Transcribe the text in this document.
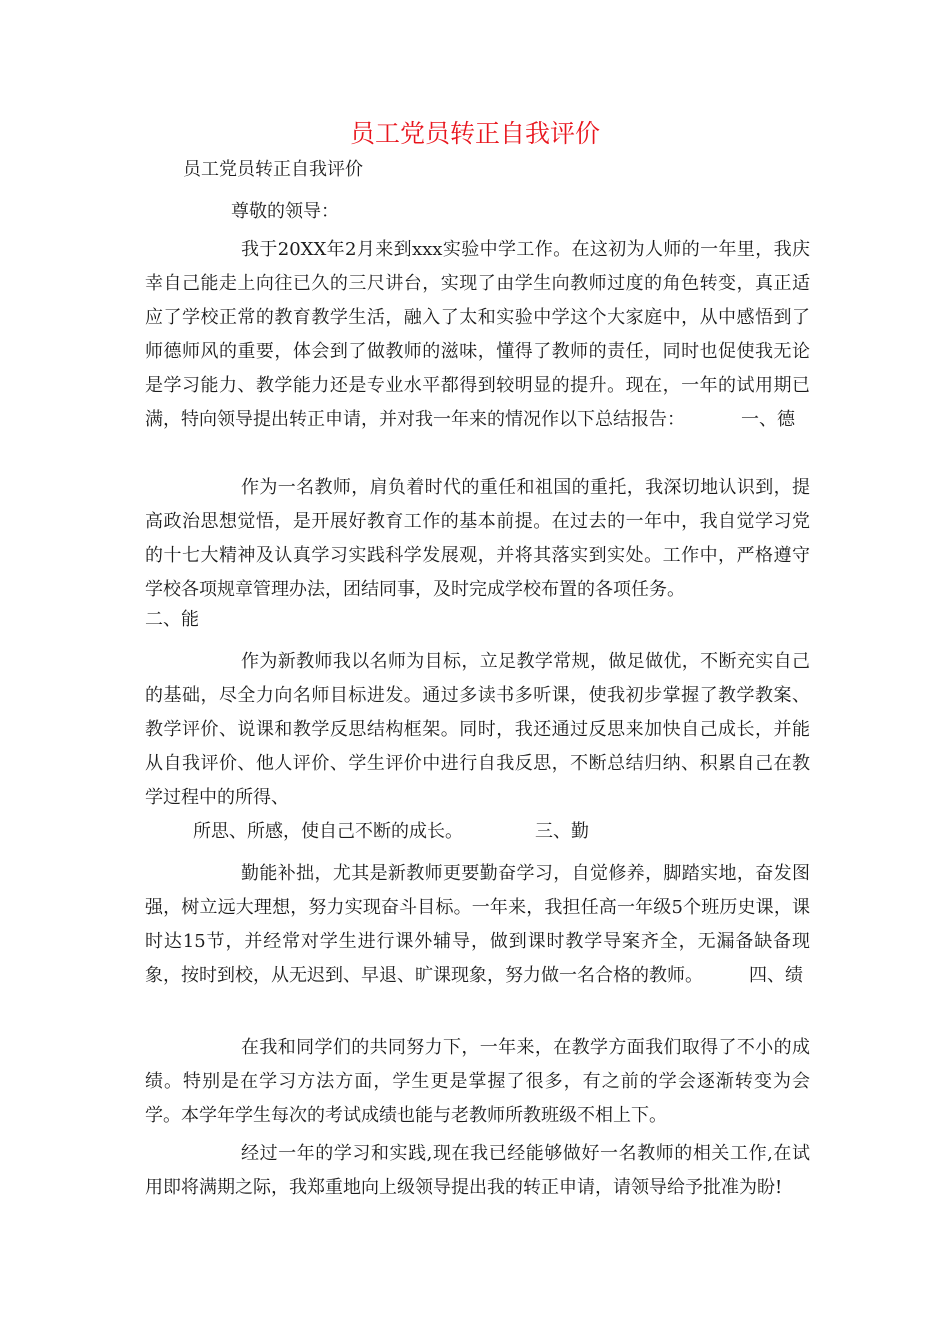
员工党员转正自我评价
员工党员转正自我评价
尊敬的领导：

我于20XX年2月来到xxx实验中学工作。在这初为人师的一年里，我庆幸自己能走上向往已久的三尺讲台，实现了由学生向教师过度的角色转变，真正适应了学校正常的教育教学生活，融入了太和实验中学这个大家庭中，从中感悟到了师德师风的重要，体会到了做教师的滋味，懂得了教师的责任，同时也促使我无论是学习能力、教学能力还是专业水平都得到较明显的提升。现在，一年的试用期已满，特向领导提出转正申请，并对我一年来的情况作以下总结报告：	一、德

作为一名教师，肩负着时代的重任和祖国的重托，我深切地认识到，提高政治思想觉悟，是开展好教育工作的基本前提。在过去的一年中，我自觉学习党的十七大精神及认真学习实践科学发展观，并将其落实到实处。工作中，严格遵守学校各项规章管理办法，团结同事，及时完成学校布置的各项任务。

二、能

作为新教师我以名师为目标，立足教学常规，做足做优，不断充实自己的基础，尽全力向名师目标进发。通过多读书多听课，使我初步掌握了教学教案、教学评价、说课和教学反思结构框架。同时，我还通过反思来加快自己成长，并能从自我评价、他人评价、学生评价中进行自我反思，不断总结归纳、积累自己在教学过程中的所得、

所思、所感，使自己不断的成长。	三、勤

勤能补拙，尤其是新教师更要勤奋学习，自觉修养，脚踏实地，奋发图强，树立远大理想，努力实现奋斗目标。一年来，我担任高一年级5个班历史课，课时达15节，并经常对学生进行课外辅导，做到课时教学导案齐全，无漏备缺备现象，按时到校，从无迟到、早退、旷课现象，努力做一名合格的教师。	四、绩

在我和同学们的共同努力下，一年来，在教学方面我们取得了不小的成绩。特别是在学习方法方面，学生更是掌握了很多，有之前的学会逐渐转变为会学。本学年学生每次的考试成绩也能与老教师所教班级不相上下。

经过一年的学习和实践,现在我已经能够做好一名教师的相关工作,在试用即将满期之际，我郑重地向上级领导提出我的转正申请，请领导给予批准为盼!
